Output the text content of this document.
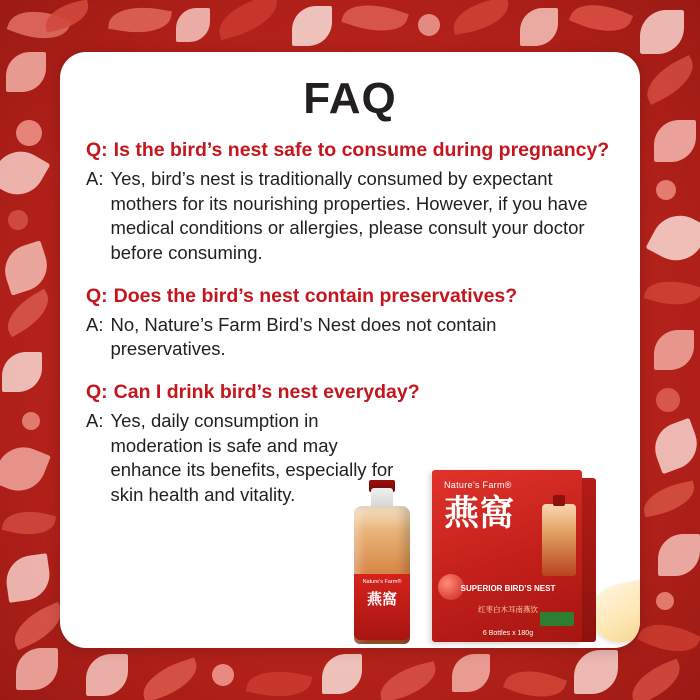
FAQ
Q: Is the bird’s nest safe to consume during pregnancy?
A: Yes, bird’s nest is traditionally consumed by expectant mothers for its nourishing properties. However, if you have medical conditions or allergies, please consult your doctor before consuming.
Q: Does the bird’s nest contain preservatives?
A: No, Nature’s Farm Bird’s Nest does not contain preservatives.
Q: Can I drink bird’s nest everyday?
A: Yes, daily consumption in moderation is safe and may enhance its benefits, especially for skin health and vitality.	Nature’s Farm®
燕窩
SUPERIOR BIRD’S NEST
红枣白木耳南燕饮
6 Bottles x 180g
Nature’s Farm®
燕窩
